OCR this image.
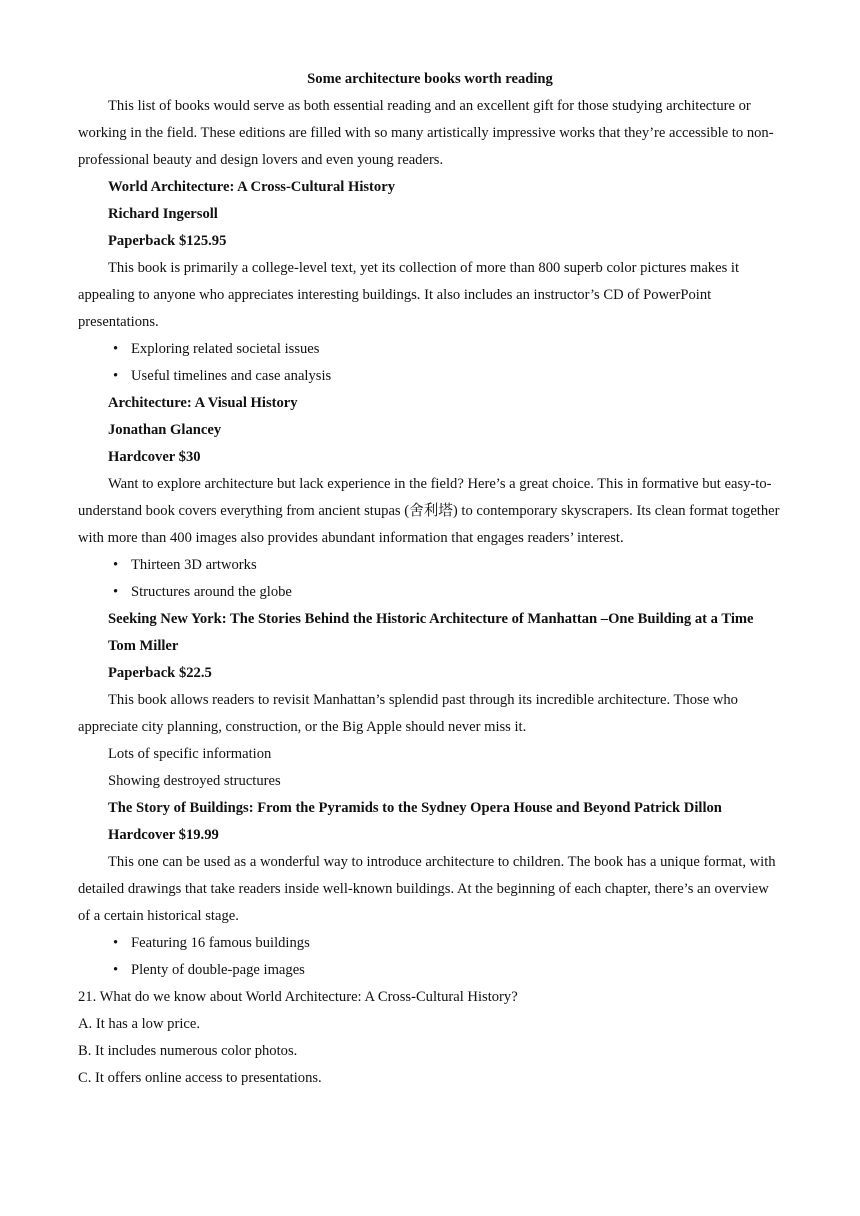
Some architecture books worth reading

This list of books would serve as both essential reading and an excellent gift for those studying architecture or working in the field. These editions are filled with so many artistically impressive works that they’re accessible to non-professional beauty and design lovers and even young readers.

World Architecture: A Cross-Cultural History

Richard Ingersoll

Paperback $125.95

This book is primarily a college-level text, yet its collection of more than 800 superb color pictures makes it appealing to anyone who appreciates interesting buildings. It also includes an instructor’s CD of PowerPoint presentations.

• Exploring related societal issues

• Useful timelines and case analysis

Architecture: A Visual History

Jonathan Glancey

Hardcover $30

Want to explore architecture but lack experience in the field? Here’s a great choice. This in formative but easy-to-understand book covers everything from ancient stupas (舍利塔) to contemporary skyscrapers. Its clean format together with more than 400 images also provides abundant information that engages readers’ interest.

• Thirteen 3D artworks

• Structures around the globe

Seeking New York: The Stories Behind the Historic Architecture of Manhattan –One Building at a Time

Tom Miller

Paperback $22.5

This book allows readers to revisit Manhattan’s splendid past through its incredible architecture. Those who appreciate city planning, construction, or the Big Apple should never miss it.

Lots of specific information

Showing destroyed structures

The Story of Buildings: From the Pyramids to the Sydney Opera House and Beyond Patrick Dillon

Hardcover $19.99

This one can be used as a wonderful way to introduce architecture to children. The book has a unique format, with detailed drawings that take readers inside well-known buildings. At the beginning of each chapter, there’s an overview of a certain historical stage.

• Featuring 16 famous buildings

• Plenty of double-page images

21. What do we know about World Architecture: A Cross-Cultural History?

A. It has a low price.

B. It includes numerous color photos.

C. It offers online access to presentations.
